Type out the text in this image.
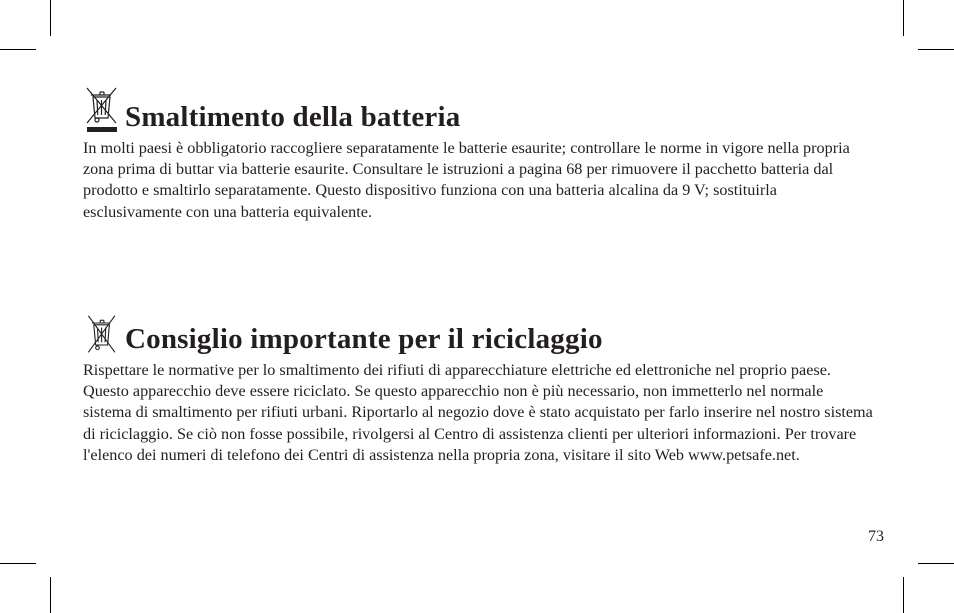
Smaltimento della batteria

In molti paesi è obbligatorio raccogliere separatamente le batterie esaurite; controllare le norme in vigore nella propria zona prima di buttar via batterie esaurite. Consultare le istruzioni a pagina 68 per rimuovere il pacchetto batteria dal prodotto e smaltirlo separatamente. Questo dispositivo funziona con una batteria alcalina da 9 V; sostituirla esclusivamente con una batteria equivalente.

Consiglio importante per il riciclaggio

Rispettare le normative per lo smaltimento dei rifiuti di apparecchiature elettriche ed elettroniche nel proprio paese. Questo apparecchio deve essere riciclato. Se questo apparecchio non è più necessario, non immetterlo nel normale sistema di smaltimento per rifiuti urbani. Riportarlo al negozio dove è stato acquistato per farlo inserire nel nostro sistema di riciclaggio. Se ciò non fosse possibile, rivolgersi al Centro di assistenza clienti per ulteriori informazioni. Per trovare l'elenco dei numeri di telefono dei Centri di assistenza nella propria zona, visitare il sito Web www.petsafe.net.

73
